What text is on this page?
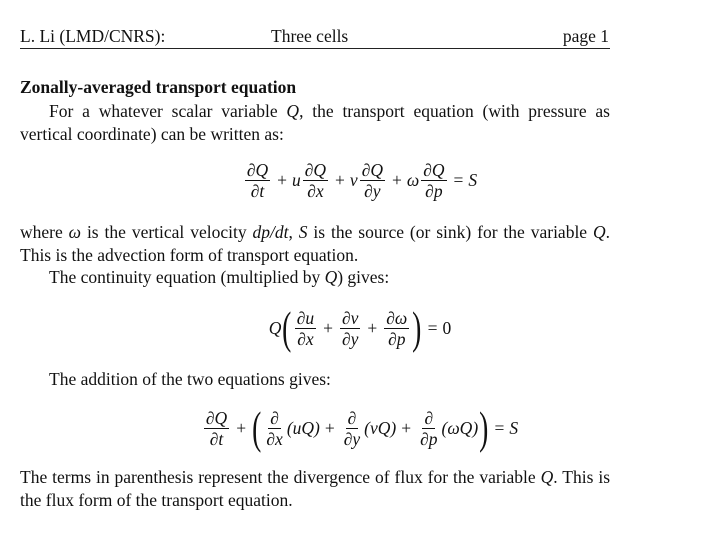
L. Li (LMD/CNRS):	Three cells	page 1
Zonally-averaged transport equation
For a whatever scalar variable Q, the transport equation (with pressure as vertical coordinate) can be written as:
$\frac{\partial Q}{\partial t} + u \frac{\partial Q}{\partial x} + v \frac{\partial Q}{\partial y} + \omega \frac{\partial Q}{\partial p} = S$
where ω is the vertical velocity dp/dt, S is the source (or sink) for the variable Q. This is the advection form of transport equation.
The continuity equation (multiplied by Q) gives:
Q ( $\frac{\partial u}{\partial x} + \frac{\partial v}{\partial y} + \frac{\partial\omega}{\partial p}$ ) = 0
The addition of the two equations gives:
$\frac{\partial Q}{\partial t}$ + ( $\frac{\partial}{\partial x} (uQ) + \frac{\partial}{\partial y} (vQ) + \frac{\partial}{\partial p} (\omega Q)$ ) = S
The terms in parenthesis represent the divergence of flux for the variable Q. This is the flux form of the transport equation.
